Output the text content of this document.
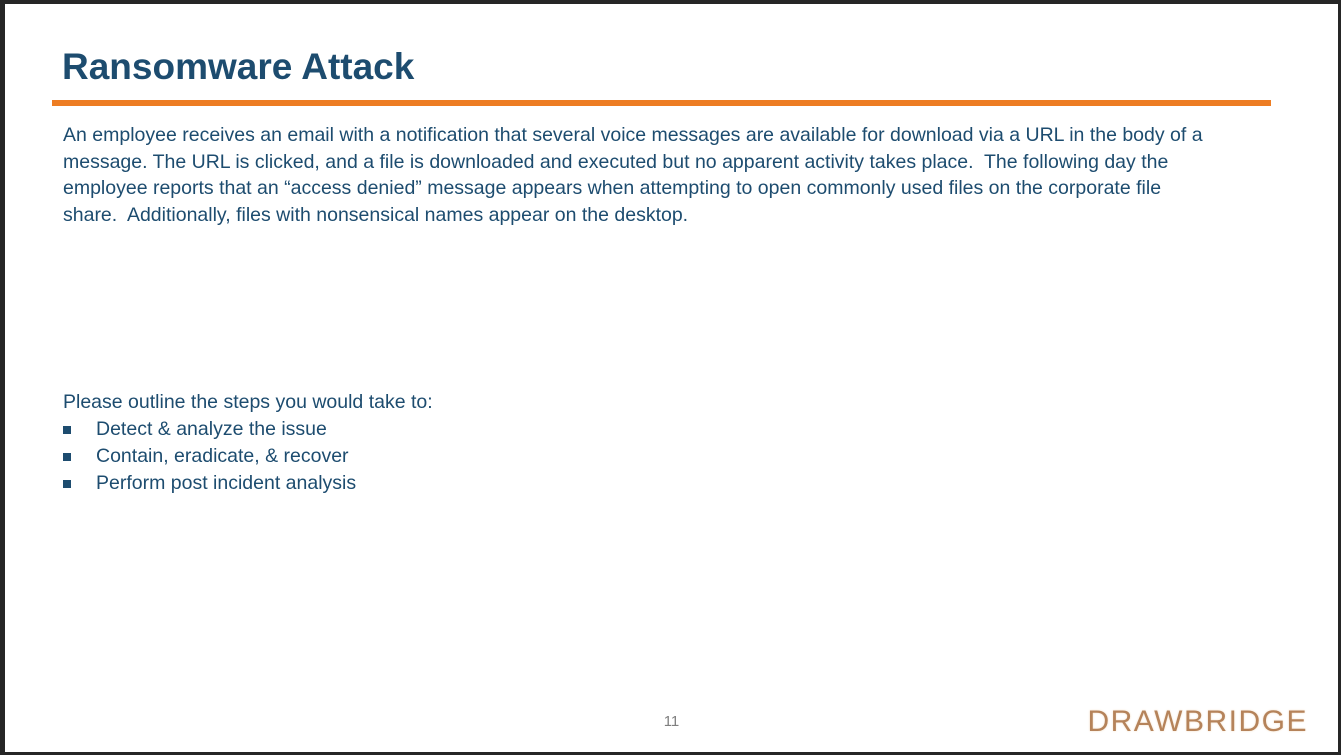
Ransomware Attack
An employee receives an email with a notification that several voice messages are available for download via a URL in the body of a
message. The URL is clicked, and a file is downloaded and executed but no apparent activity takes place.  The following day the
employee reports that an “access denied” message appears when attempting to open commonly used files on the corporate file
share.  Additionally, files with nonsensical names appear on the desktop.
Please outline the steps you would take to:
Detect & analyze the issue
Contain, eradicate, & recover
Perform post incident analysis
11	DRAWBRIDGE
